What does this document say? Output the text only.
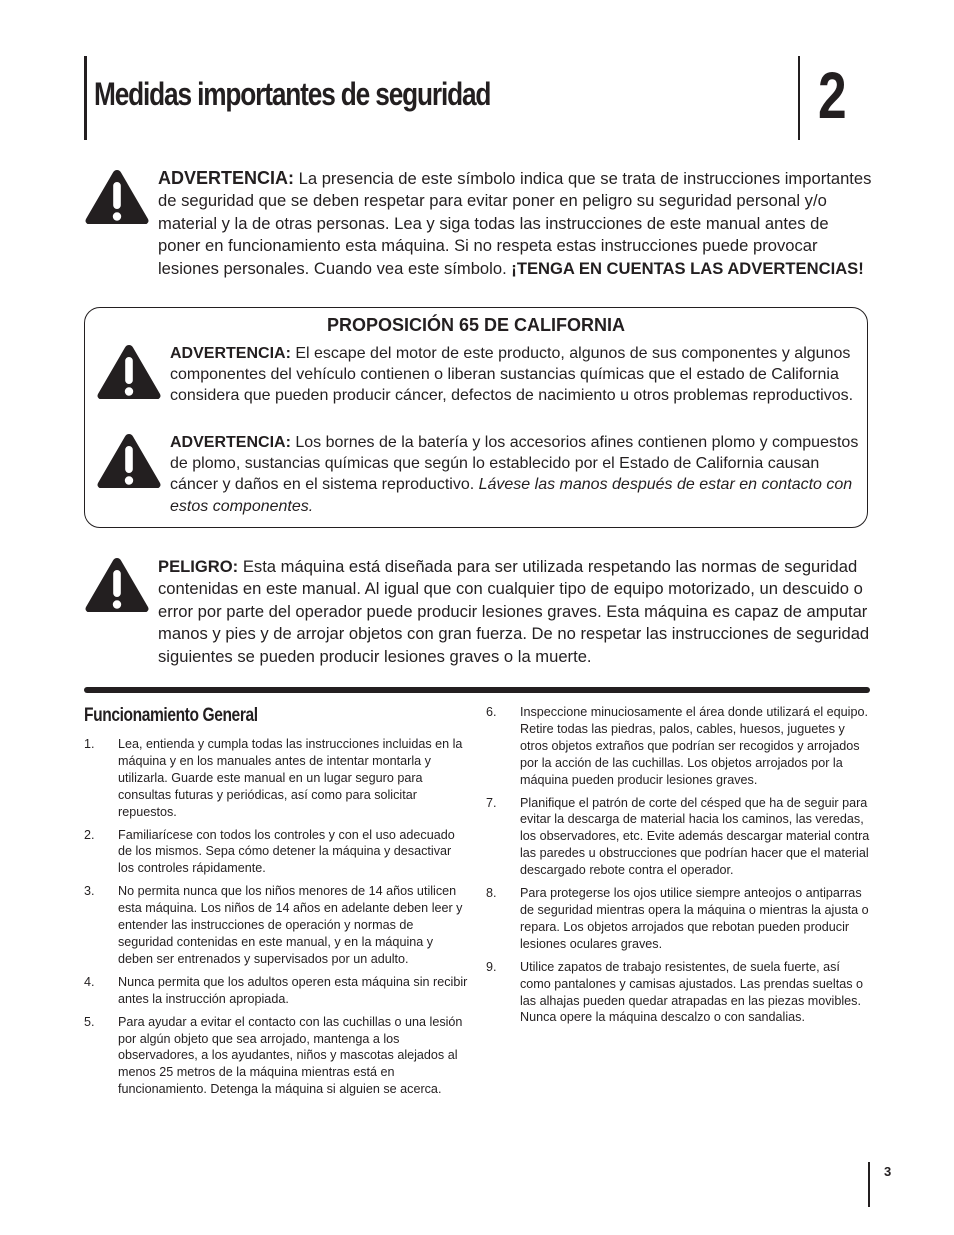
Medidas importantes de seguridad	2
ADVERTENCIA: La presencia de este símbolo indica que se trata de instrucciones importantes de seguridad que se deben respetar para evitar poner en peligro su seguridad personal y/o material y la de otras personas. Lea y siga todas las instrucciones de este manual antes de poner en funcionamiento esta máquina. Si no respeta estas instrucciones puede provocar lesiones personales. Cuando vea este símbolo. ¡TENGA EN CUENTAS LAS ADVERTENCIAS!
PROPOSICIÓN 65 DE CALIFORNIA
ADVERTENCIA: El escape del motor de este producto, algunos de sus componentes y algunos componentes del vehículo contienen o liberan sustancias químicas que el estado de California considera que pueden producir cáncer, defectos de nacimiento u otros problemas reproductivos.
ADVERTENCIA: Los bornes de la batería y los accesorios afines contienen plomo y compuestos de plomo, sustancias químicas que según lo establecido por el Estado de California causan cáncer y daños en el sistema reproductivo. Lávese las manos después de estar en contacto con estos componentes.
PELIGRO: Esta máquina está diseñada para ser utilizada respetando las normas de seguridad contenidas en este manual. Al igual que con cualquier tipo de equipo motorizado, un descuido o error por parte del operador puede producir lesiones graves. Esta máquina es capaz de amputar manos y pies y de arrojar objetos con gran fuerza. De no respetar las instrucciones de seguridad siguientes se pueden producir lesiones graves o la muerte.
Funcionamiento General
1.	Lea, entienda y cumpla todas las instrucciones incluidas en la máquina y en los manuales antes de intentar montarla y utilizarla. Guarde este manual en un lugar seguro para consultas futuras y periódicas, así como para solicitar repuestos.
2.	Familiarícese con todos los controles y con el uso adecuado de los mismos. Sepa cómo detener la máquina y desactivar los controles rápidamente.
3.	No permita nunca que los niños menores de 14 años utilicen esta máquina. Los niños de 14 años en adelante deben leer y entender las instrucciones de operación y normas de seguridad contenidas en este manual, y en la máquina y deben ser entrenados y supervisados por un adulto.
4.	Nunca permita que los adultos operen esta máquina sin recibir antes la instrucción apropiada.
5.	Para ayudar a evitar el contacto con las cuchillas o una lesión por algún objeto que sea arrojado, mantenga a los observadores, a los ayudantes, niños y mascotas alejados al menos 25 metros de la máquina mientras está en funcionamiento. Detenga la máquina si alguien se acerca.
6.	Inspeccione minuciosamente el área donde utilizará el equipo. Retire todas las piedras, palos, cables, huesos, juguetes y otros objetos extraños que podrían ser recogidos y arrojados por la acción de las cuchillas. Los objetos arrojados por la máquina pueden producir lesiones graves.
7.	Planifique el patrón de corte del césped que ha de seguir para evitar la descarga de material hacia los caminos, las veredas, los observadores, etc. Evite además descargar material contra las paredes u obstrucciones que podrían hacer que el material descargado rebote contra el operador.
8.	Para protegerse los ojos utilice siempre anteojos o antiparras de seguridad mientras opera la máquina o mientras la ajusta o repara. Los objetos arrojados que rebotan pueden producir lesiones oculares graves.
9.	Utilice zapatos de trabajo resistentes, de suela fuerte, así como pantalones y camisas ajustados. Las prendas sueltas o las alhajas pueden quedar atrapadas en las piezas movibles. Nunca opere la máquina descalzo o con sandalias.
3
